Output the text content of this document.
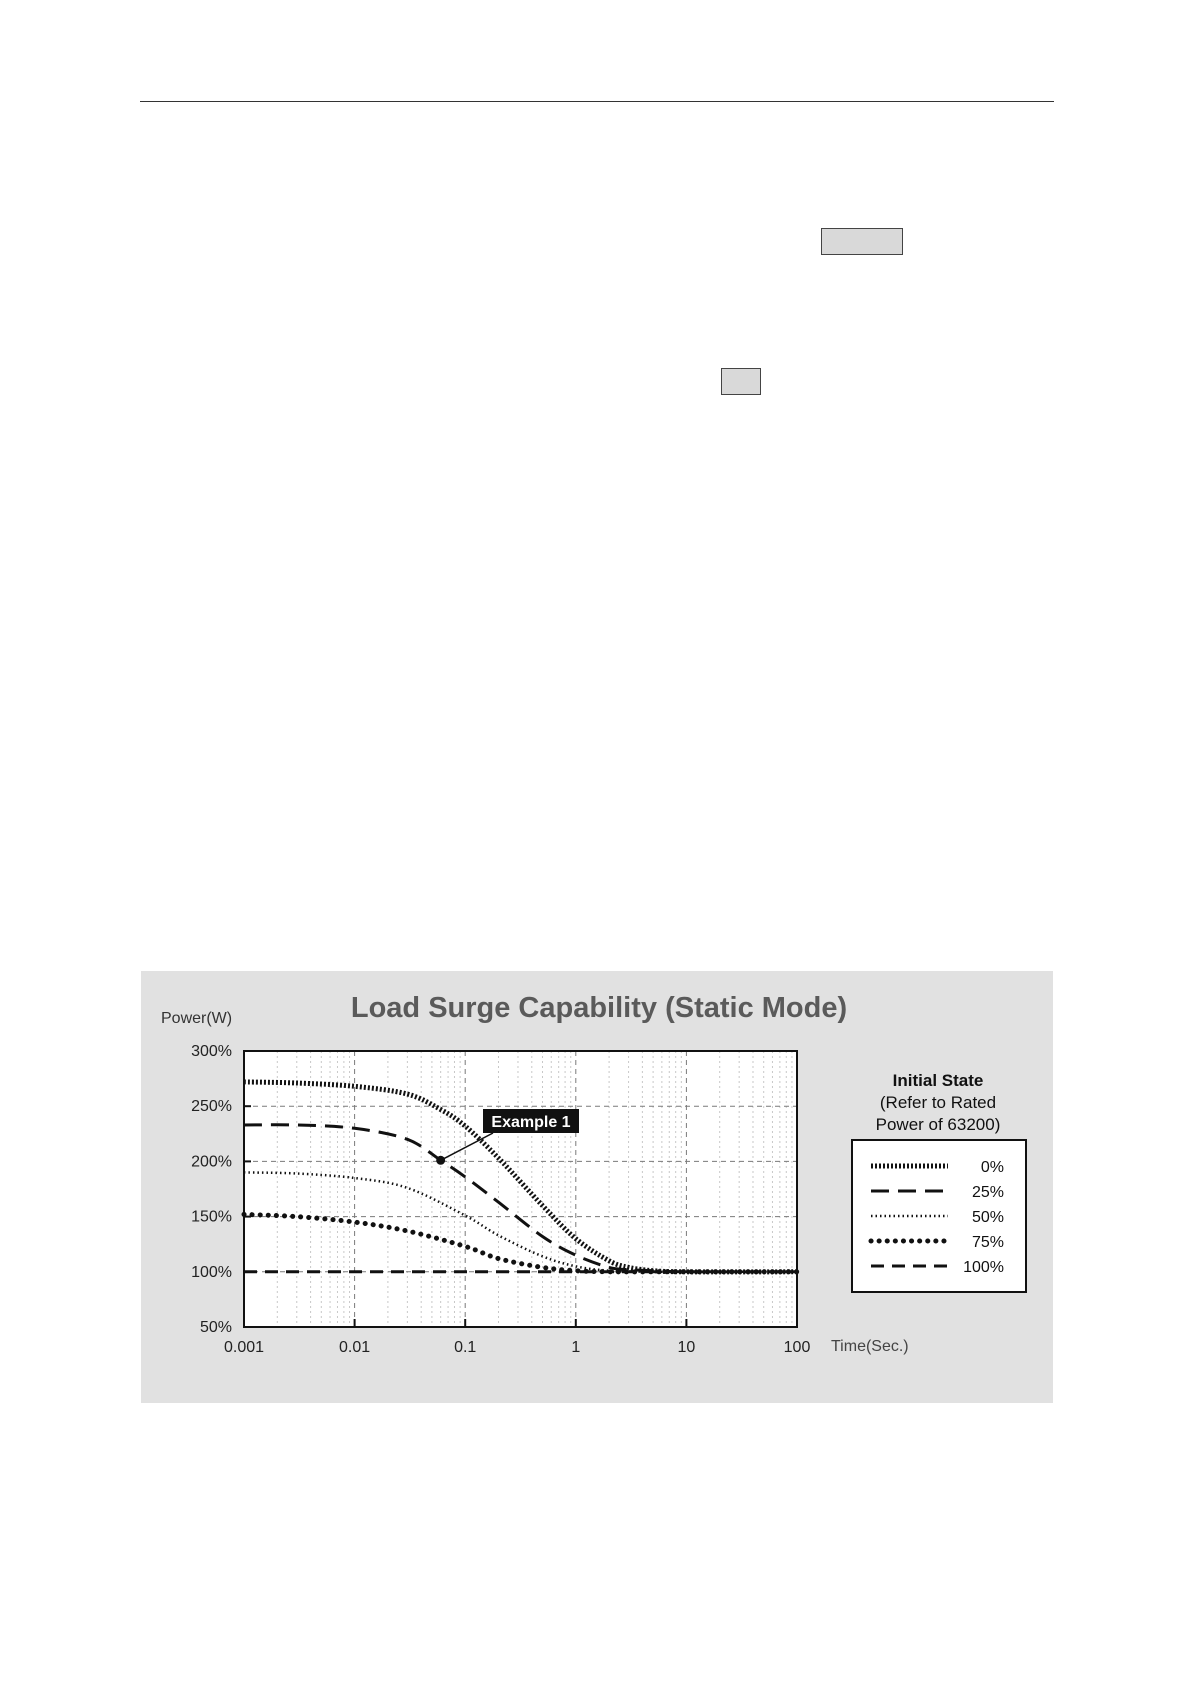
Load Surge Capability (Static Mode)
Power(W)
Time(Sec.)
0.001	0.01	0.1	1	10	100
50%
100%
150%
200%
250%
300%
Example 1
Initial State
(Refer to Rated
Power of 63200)
0%
25%
50%
75%
100%
